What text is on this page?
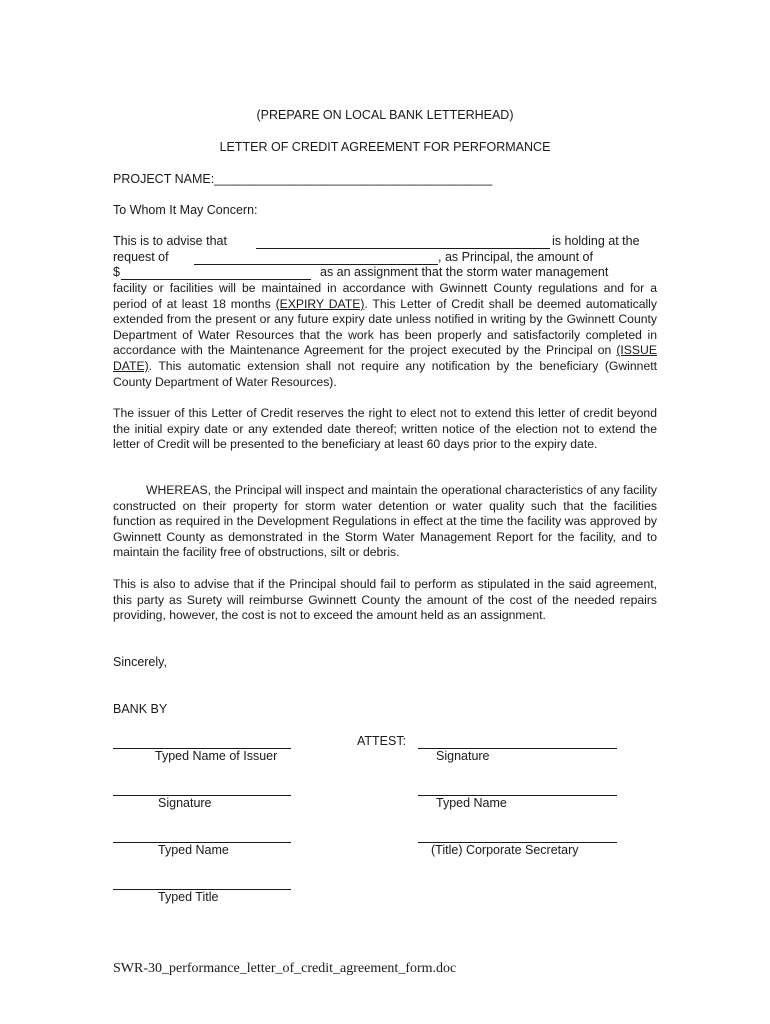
(PREPARE ON LOCAL BANK LETTERHEAD)
LETTER OF CREDIT AGREEMENT FOR PERFORMANCE
PROJECT NAME:________________________________________
To Whom It May Concern:
This is to advise that	is holding at the
request of	, as Principal, the amount of
$	as an assignment that the storm water management
facility or facilities will be maintained in accordance with Gwinnett County regulations and for a period of at least 18 months (EXPIRY DATE). This Letter of Credit shall be deemed automatically extended from the present or any future expiry date unless notified in writing by the Gwinnett County Department of Water Resources that the work has been properly and satisfactorily completed in accordance with the Maintenance Agreement for the project executed by the Principal on (ISSUE DATE). This automatic extension shall not require any notification by the beneficiary (Gwinnett County Department of Water Resources).
The issuer of this Letter of Credit reserves the right to elect not to extend this letter of credit beyond the initial expiry date or any extended date thereof; written notice of the election not to extend the letter of Credit will be presented to the beneficiary at least 60 days prior to the expiry date.
WHEREAS, the Principal will inspect and maintain the operational characteristics of any facility constructed on their property for storm water detention or water quality such that the facilities function as required in the Development Regulations in effect at the time the facility was approved by Gwinnett County as demonstrated in the Storm Water Management Report for the facility, and to maintain the facility free of obstructions, silt or debris.
This is also to advise that if the Principal should fail to perform as stipulated in the said agreement, this party as Surety will reimburse Gwinnett County the amount of the cost of the needed repairs providing, however, the cost is not to exceed the amount held as an assignment.
Sincerely,
BANK BY
Typed Name of Issuer
Signature
Typed Name
Typed Title
ATTEST:
Signature
Typed Name
(Title) Corporate Secretary
SWR-30_performance_letter_of_credit_agreement_form.doc
